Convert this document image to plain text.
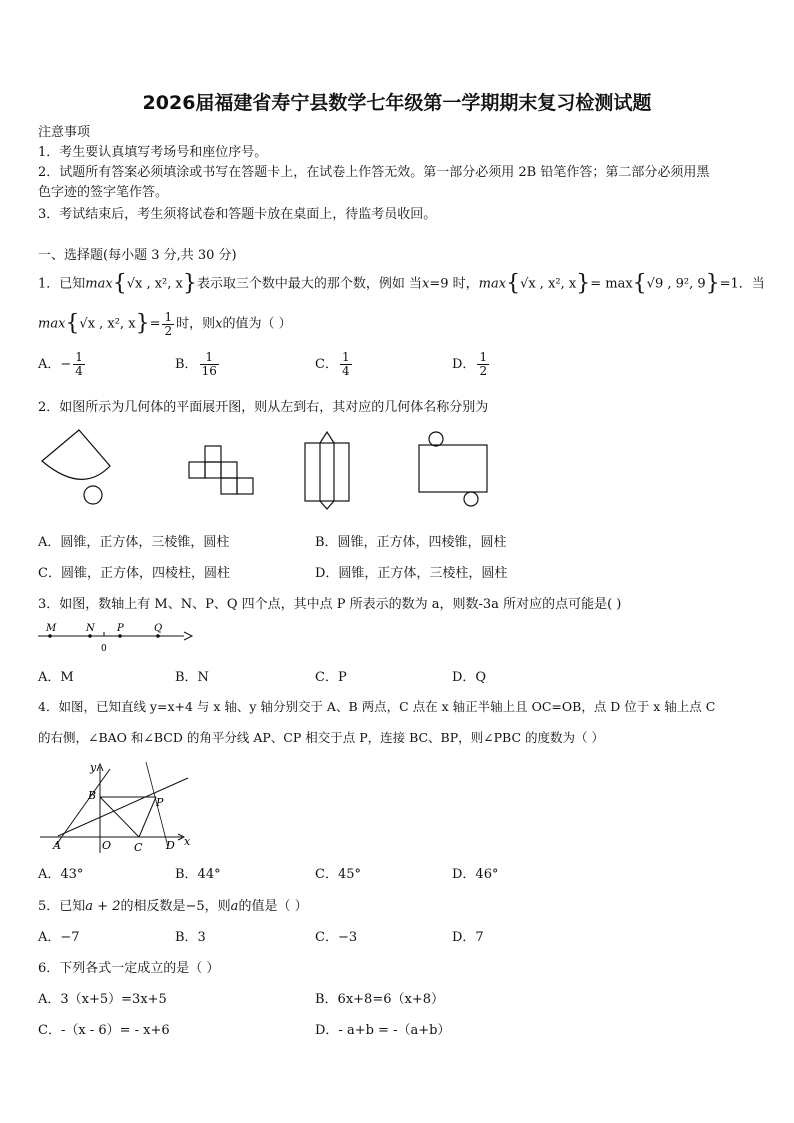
2026届福建省寿宁县数学七年级第一学期期末复习检测试题
注意事项
1．考生要认真填写考场号和座位序号。
2．试题所有答案必须填涂或书写在答题卡上，在试卷上作答无效。第一部分必须用 2B 铅笔作答；第二部分必须用黑
色字迹的签字笔作答。
3．考试结束后，考生须将试卷和答题卡放在桌面上，待监考员收回。
一、选择题(每小题 3 分,共 30 分)
1．已知max{√x , x², x}表示取三个数中最大的那个数，例如 当x=9 时，max{√x , x², x}= max{√9 , 9², 9}=1．当
max{√x , x², $x\}= \frac{1}{2}$ 时，则x的值为（ ）
A．− $\frac{1}{4}$	B． $\frac{1}{16}$	C． $\frac{1}{4}$	D． $\frac{1}{2}$
2．如图所示为几何体的平面展开图，则从左到右，其对应的几何体名称分别为
A．圆锥，正方体，三棱锥，圆柱	B．圆锥，正方体，四棱锥，圆柱
C．圆锥，正方体，四棱柱，圆柱	D．圆锥，正方体，三棱柱，圆柱
3．如图，数轴上有 M、N、P、Q 四个点，其中点 P 所表示的数为 a，则数-3a 所对应的点可能是( )
M	N P	Q
0
A．M	B．N	C．P	D．Q
4．如图，已知直线 y=x+4 与 x 轴、y 轴分别交于 A、B 两点，C 点在 x 轴正半轴上且 OC=OB，点 D 位于 x 轴上点 C
的右侧，∠BAO 和∠BCD 的角平分线 AP、CP 相交于点 P，连接 BC、BP，则∠PBC 的度数为（ ）
y
x
B
P
A	O C D
A．43°	B．44°	C．45°	D．46°
5．已知a + 2的相反数是−5，则a的值是（ ）
A．−7	B．3	C．−3	D．7
6．下列各式一定成立的是（ ）
A．3（x+5）=3x+5	B．6x+8=6（x+8）
C．-（x - 6）= - x+6	D．- a+b = -（a+b）
